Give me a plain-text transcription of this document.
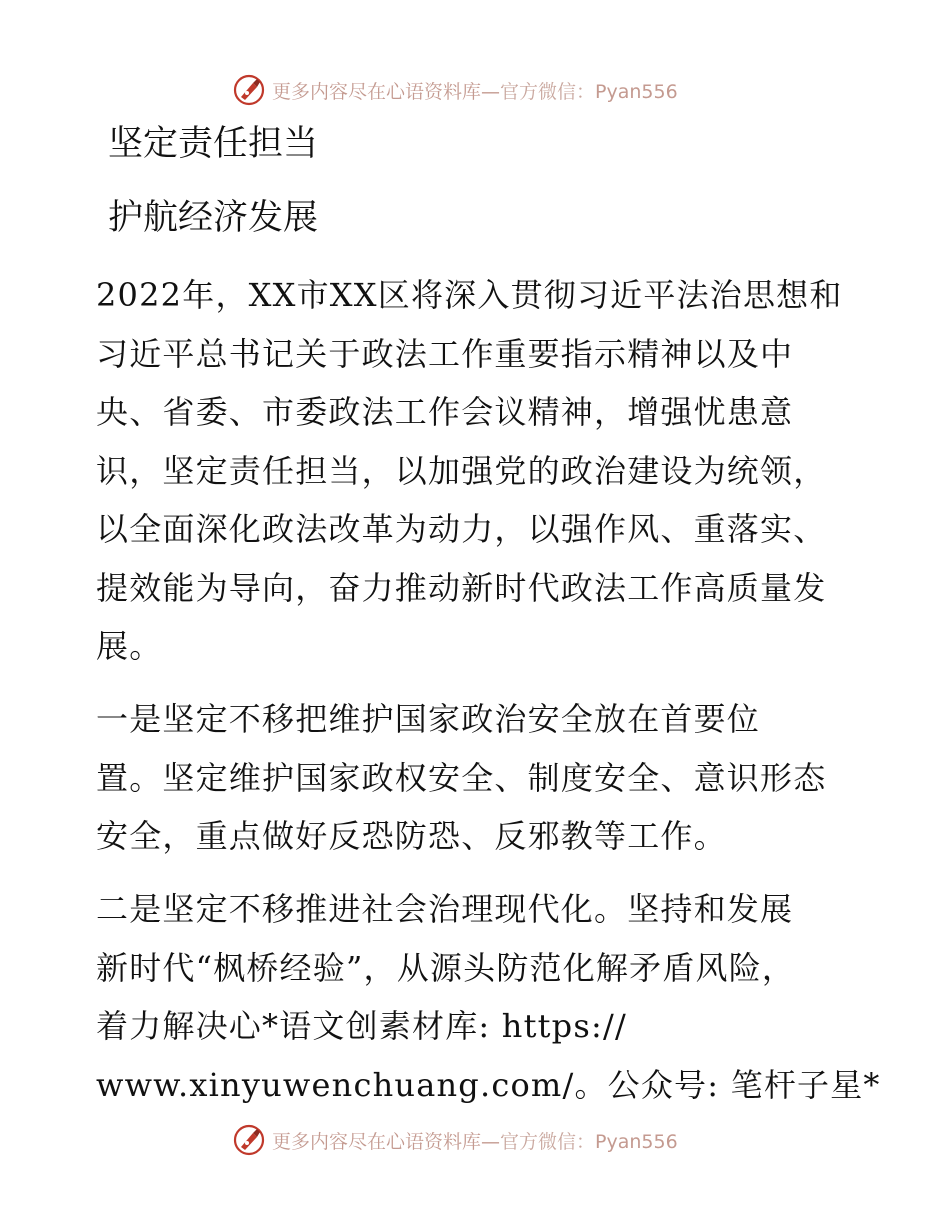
更多内容尽在心语资料库—官方微信：Pyan556
坚定责任担当
护航经济发展

2022年，XX市XX区将深入贯彻习近平法治思想和
习近平总书记关于政法工作重要指示精神以及中
央、省委、市委政法工作会议精神，增强忧患意
识，坚定责任担当，以加强党的政治建设为统领，
以全面深化政法改革为动力，以强作风、重落实、
提效能为导向，奋力推动新时代政法工作高质量发
展。

一是坚定不移把维护国家政治安全放在首要位
置。坚定维护国家政权安全、制度安全、意识形态
安全，重点做好反恐防恐、反邪教等工作。

二是坚定不移推进社会治理现代化。坚持和发展
新时代“枫桥经验”，从源头防范化解矛盾风险，
着力解决心*语文创素材库: https://
www.xinyuwenchuang.com/。公众号: 笔杆子星*

更多内容尽在心语资料库—官方微信：Pyan556
